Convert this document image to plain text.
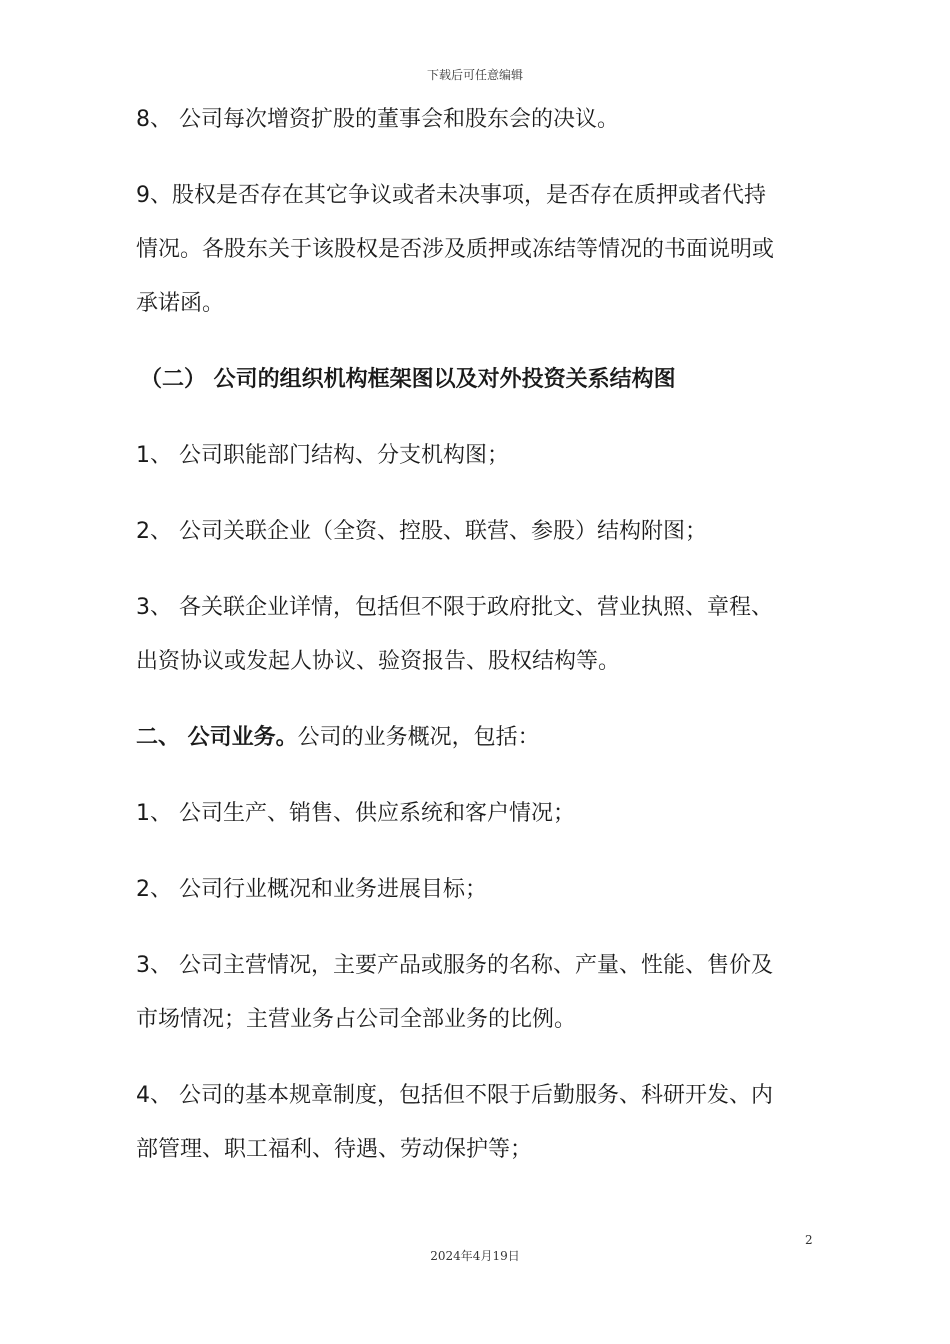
下载后可任意编辑
8、 公司每次增资扩股的董事会和股东会的决议。
9、股权是否存在其它争议或者未决事项，是否存在质押或者代持
情况。各股东关于该股权是否涉及质押或冻结等情况的书面说明或
承诺函。
（二） 公司的组织机构框架图以及对外投资关系结构图
1、 公司职能部门结构、分支机构图；
2、 公司关联企业（全资、控股、联营、参股）结构附图；
3、 各关联企业详情，包括但不限于政府批文、营业执照、章程、
出资协议或发起人协议、验资报告、股权结构等。
二、 公司业务。公司的业务概况，包括：
1、 公司生产、销售、供应系统和客户情况；
2、 公司行业概况和业务进展目标；
3、 公司主营情况，主要产品或服务的名称、产量、性能、售价及
市场情况；主营业务占公司全部业务的比例。
4、 公司的基本规章制度，包括但不限于后勤服务、科研开发、内
部管理、职工福利、待遇、劳动保护等；
2
2024年4月19日
